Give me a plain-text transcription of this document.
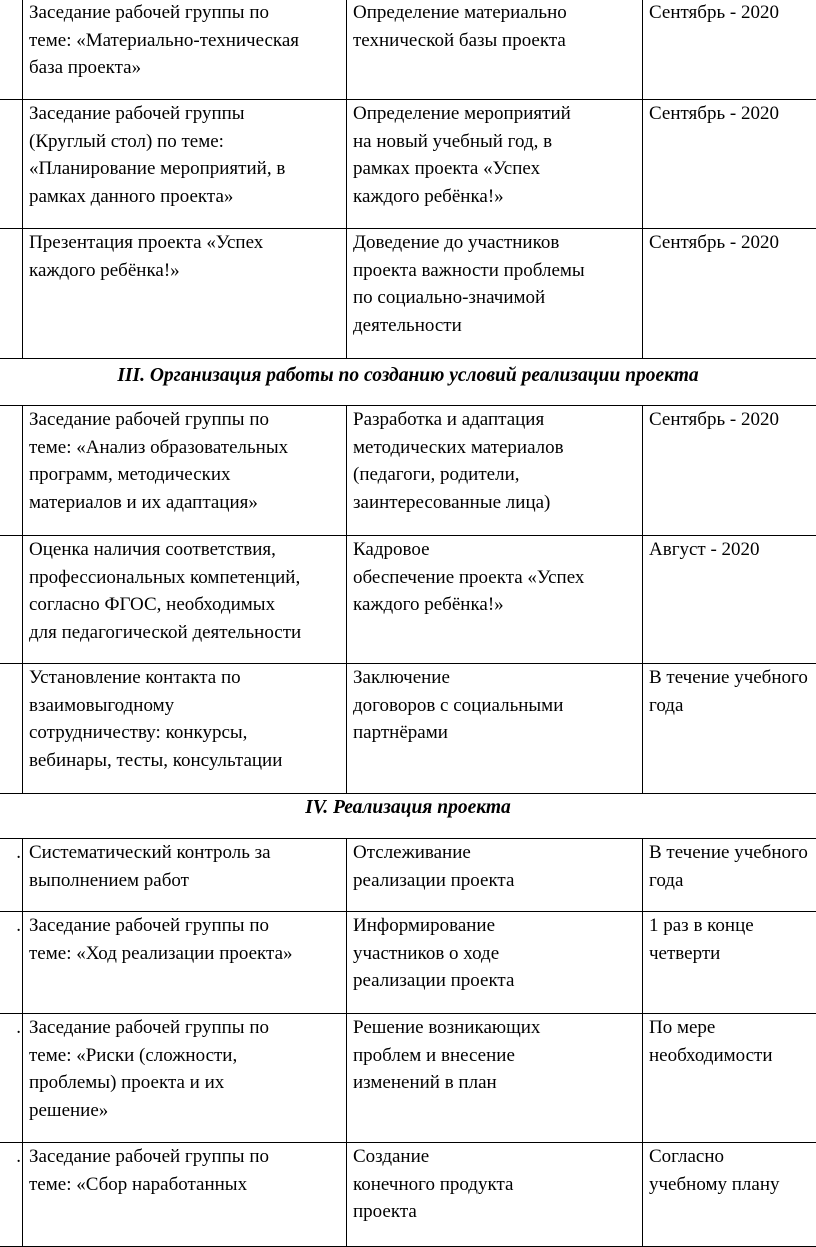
	Заседание рабочей группы по
теме: «Материально-техническая
база проекта»	Определение материально
технической базы проекта	Сентябрь - 2020

	Заседание рабочей группы
(Круглый стол) по теме:
«Планирование мероприятий, в
рамках данного проекта»	Определение мероприятий
на новый учебный год, в
рамках проекта «Успех
каждого ребёнка!»	Сентябрь - 2020

	Презентация проекта «Успех
каждого ребёнка!»	Доведение до участников
проекта важности проблемы
по социально-значимой
деятельности	Сентябрь - 2020
III. Организация работы по созданию условий реализации проекта

	Заседание рабочей группы по
теме: «Анализ образовательных
программ, методических
материалов и их адаптация»	Разработка и адаптация
методических материалов
(педагоги, родители,
заинтересованные лица)	Сентябрь - 2020

	Оценка наличия соответствия,
профессиональных компетенций,
согласно ФГОС, необходимых
для педагогической деятельности	Кадровое
обеспечение проекта «Успех
каждого ребёнка!»	Август - 2020

	Установление контакта по
взаимовыгодному
сотрудничеству: конкурсы,
вебинары, тесты, консультации	Заключение
договоров с социальными
партнёрами	В течение учебного
года
IV. Реализация проекта
.	Систематический контроль за
выполнением работ	Отслеживание
реализации проекта	В течение учебного
года

.	Заседание рабочей группы по
теме: «Ход реализации проекта»	Информирование
участников о ходе
реализации проекта	1 раз в конце
четверти

.	Заседание рабочей группы по
теме: «Риски (сложности,
проблемы) проекта и их
решение»	Решение возникающих
проблем и внесение
изменений в план	По мере
необходимости

.	Заседание рабочей группы по
теме: «Сбор наработанных	Создание
конечного продукта
проекта	Согласно
учебному плану
